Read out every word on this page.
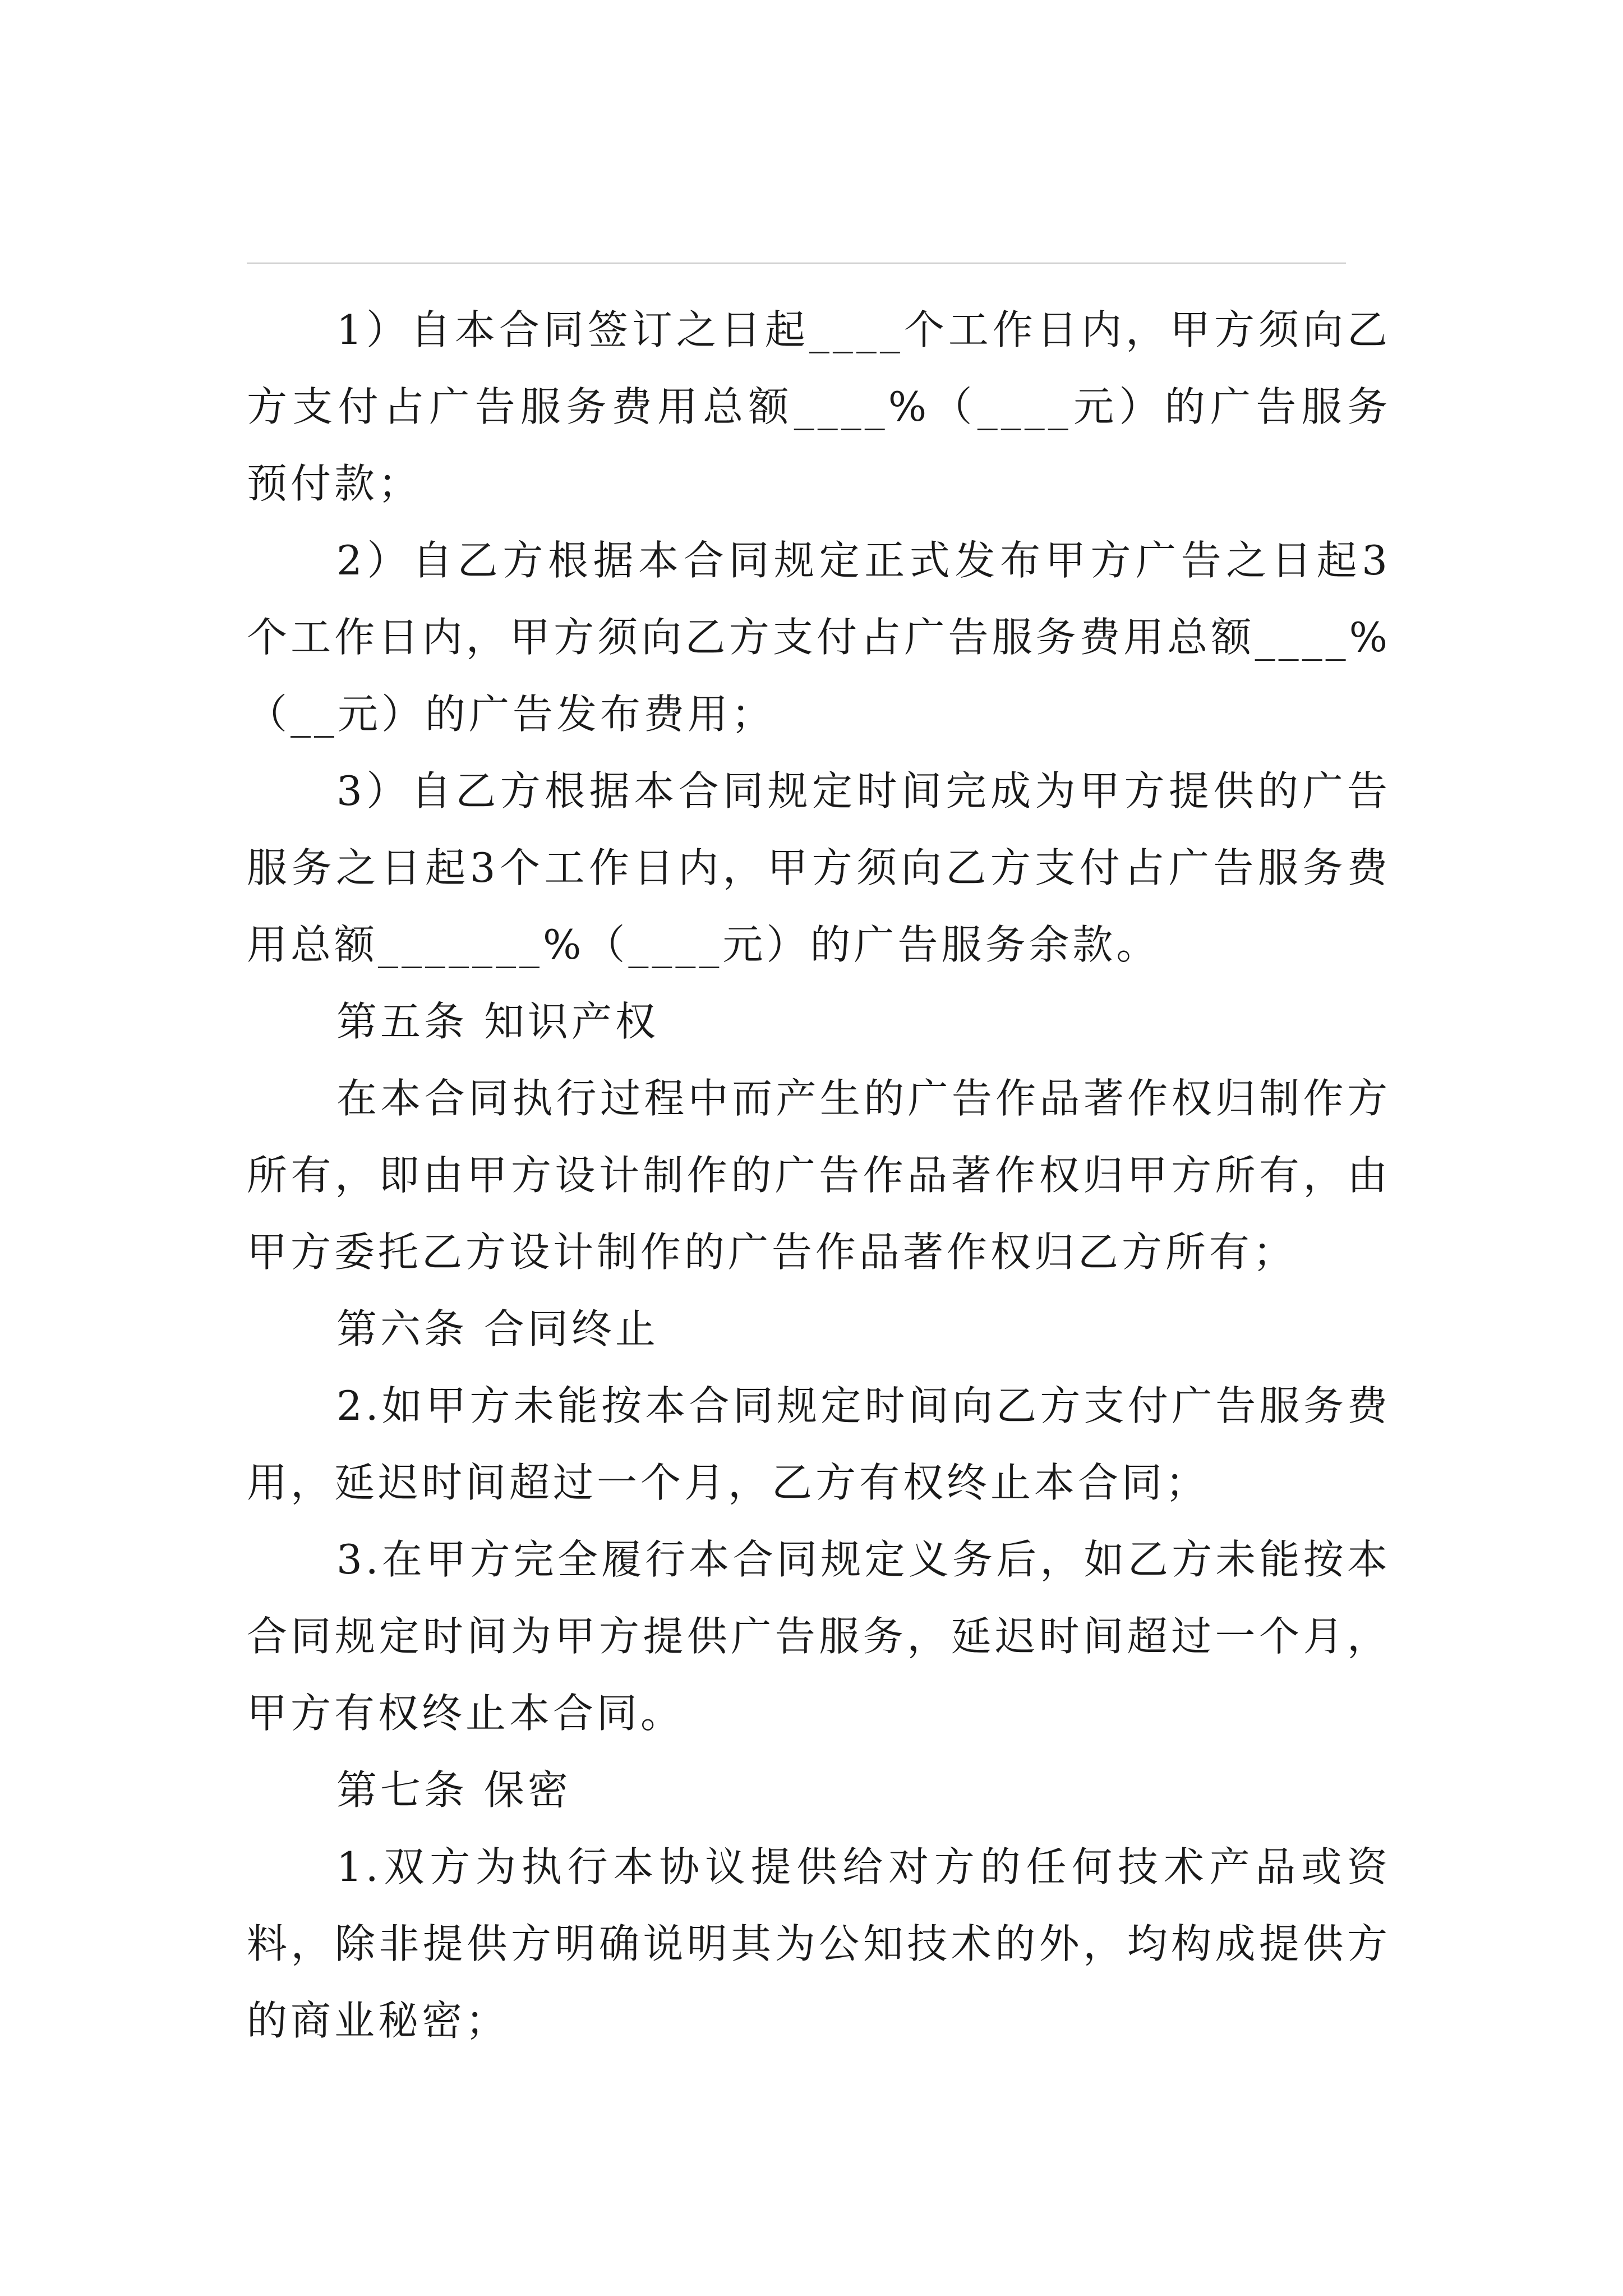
1）自本合同签订之日起____个工作日内，甲方须向乙方支付占广告服务费用总额____%（____元）的广告服务预付款；

2）自乙方根据本合同规定正式发布甲方广告之日起3个工作日内，甲方须向乙方支付占广告服务费用总额____%（__元）的广告发布费用；

3）自乙方根据本合同规定时间完成为甲方提供的广告服务之日起3个工作日内，甲方须向乙方支付占广告服务费用总额_______%（____元）的广告服务余款。

第五条 知识产权

在本合同执行过程中而产生的广告作品著作权归制作方所有，即由甲方设计制作的广告作品著作权归甲方所有，由甲方委托乙方设计制作的广告作品著作权归乙方所有；

第六条 合同终止

2.如甲方未能按本合同规定时间向乙方支付广告服务费用，延迟时间超过一个月，乙方有权终止本合同；

3.在甲方完全履行本合同规定义务后，如乙方未能按本合同规定时间为甲方提供广告服务，延迟时间超过一个月，甲方有权终止本合同。

第七条 保密

1.双方为执行本协议提供给对方的任何技术产品或资料，除非提供方明确说明其为公知技术的外，均构成提供方的商业秘密；
